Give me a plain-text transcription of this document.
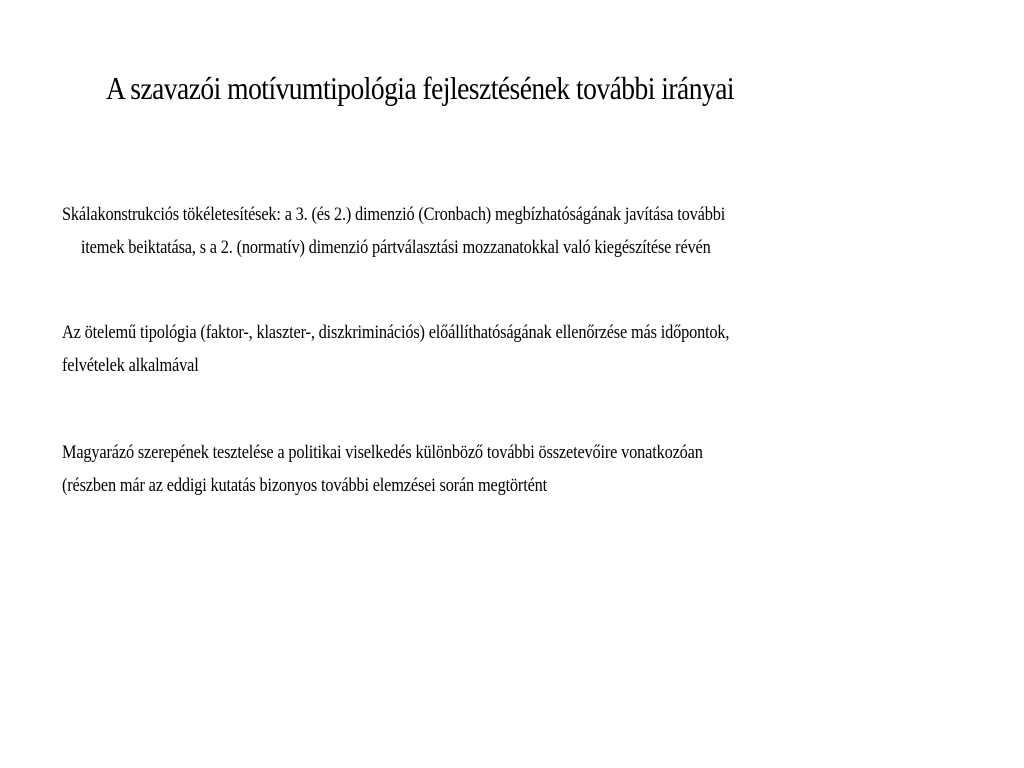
A szavazói motívumtipológia fejlesztésének további irányai
Skálakonstrukciós tökéletesítések: a 3. (és 2.) dimenzió (Cronbach) megbízhatóságának javítása további
itemek beiktatása, s a 2. (normatív) dimenzió pártválasztási mozzanatokkal való kiegészítése révén
Az ötelemű tipológia (faktor-, klaszter-, diszkriminációs) előállíthatóságának ellenőrzése más időpontok,
felvételek alkalmával
Magyarázó szerepének tesztelése a politikai viselkedés különböző további összetevőire vonatkozóan
(részben már az eddigi kutatás bizonyos további elemzései során megtörtént
